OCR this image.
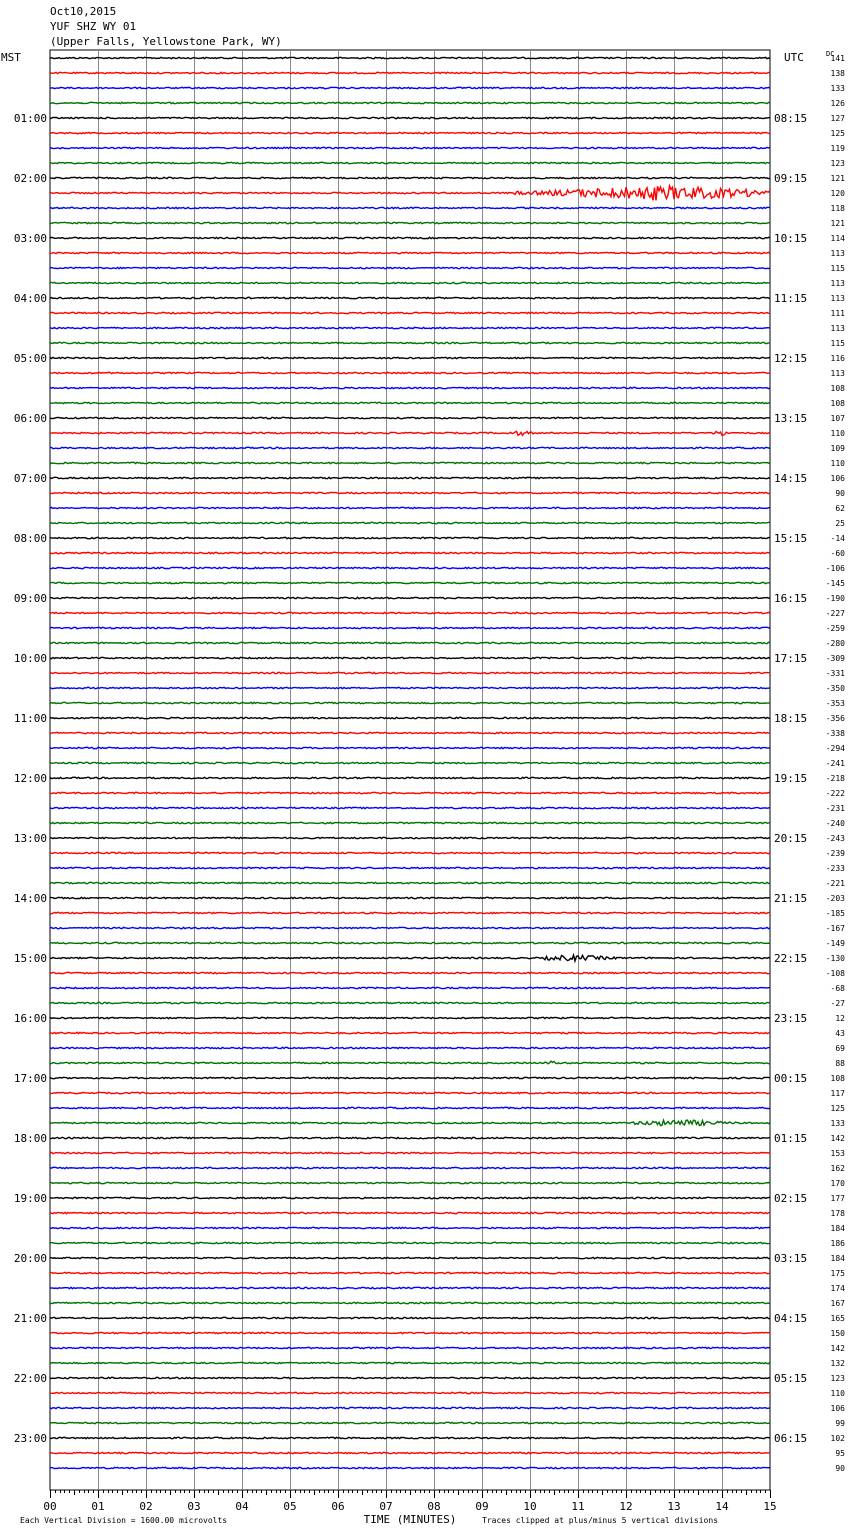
Oct10,2015
YUF SHZ WY 01
(Upper Falls, Yellowstone Park, WY)
141
138
133
126
127
125
119
123
121
120
118
121
114
113
115
113
113
111
113
115
116
113
108
108
107
110
109
110
106
90
62
25
-14
-60
-106
-145
-190
-227
-259
-280
-309
-331
-350
-353
-356
-338
-294
-241
-218
-222
-231
-240
-243
-239
-233
-221
-203
-185
-167
-149
-130
-108
-68
-27
12
43
69
88
108
117
125
133
142
153
162
170
177
178
184
186
184
175
174
167
165
150
142
132
123
110
106
99
102
95
90
01:00	08:15
02:00	09:15
03:00	10:15
04:00	11:15
05:00	12:15
06:00	13:15
07:00	14:15
08:00	15:15
09:00	16:15
10:00	17:15
11:00	18:15
12:00	19:15
13:00	20:15
14:00	21:15
15:00	22:15
16:00	23:15
17:00	00:15
18:00	01:15
19:00	02:15
20:00	03:15
21:00	04:15
22:00	05:15
23:00	06:15
MST	UTC	DC
00	01	02	03	04	05	06	07	08	09	10	11	12	13	14	15
TIME (MINUTES)
Each Vertical Division = 1600.00 microvolts	Traces clipped at plus/minus 5 vertical divisions
